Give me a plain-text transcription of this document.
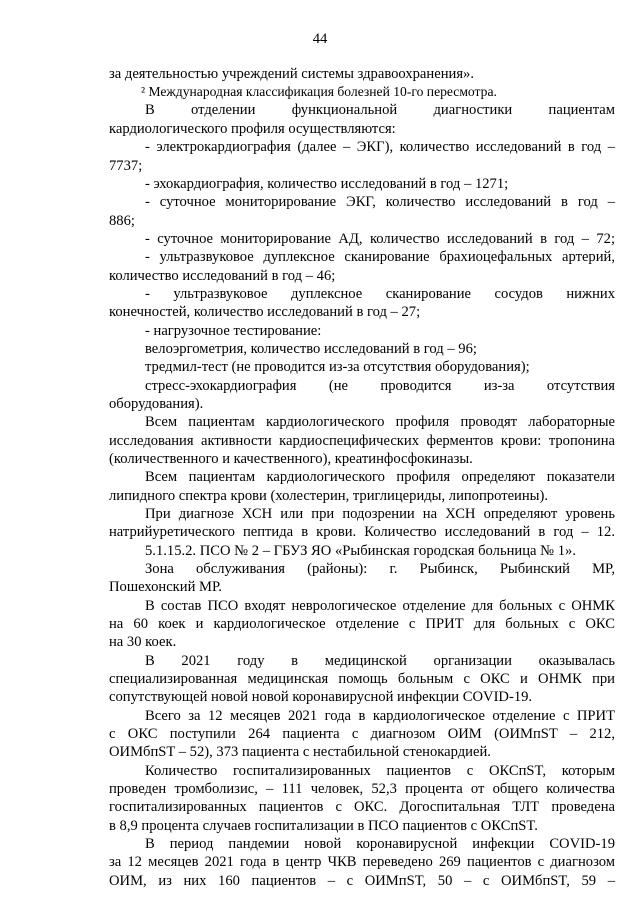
44
за деятельностью учреждений системы здравоохранения».
² Международная классификация болезней 10-го пересмотра.
В отделении функциональной диагностики пациентам
кардиологического профиля осуществляются:
- электрокардиография (далее – ЭКГ), количество исследований в год –
7737;
- эхокардиография, количество исследований в год – 1271;
- суточное мониторирование ЭКГ, количество исследований в год –
886;
- суточное мониторирование АД, количество исследований в год – 72;
- ультразвуковое дуплексное сканирование брахиоцефальных артерий,
количество исследований в год – 46;
- ультразвуковое дуплексное сканирование сосудов нижних
конечностей, количество исследований в год – 27;
- нагрузочное тестирование:
велоэргометрия, количество исследований в год – 96;
тредмил-тест (не проводится из-за отсутствия оборудования);
стресс-эхокардиография (не проводится из-за отсутствия
оборудования).
Всем пациентам кардиологического профиля проводят лабораторные
исследования активности кардиоспецифических ферментов крови: тропонина
(количественного и качественного), креатинфосфокиназы.
Всем пациентам кардиологического профиля определяют показатели
липидного спектра крови (холестерин, триглицериды, липопротеины).
При диагнозе ХСН или при подозрении на ХСН определяют уровень
натрийуретического пептида в крови. Количество исследований в год – 12.
5.1.15.2. ПСО № 2 – ГБУЗ ЯО «Рыбинская городская больница № 1».
Зона обслуживания (районы): г. Рыбинск, Рыбинский МР,
Пошехонский МР.
В состав ПСО входят неврологическое отделение для больных с ОНМК
на 60 коек и кардиологическое отделение с ПРИТ для больных с ОКС
на 30 коек.
В 2021 году в медицинской организации оказывалась
специализированная медицинская помощь больным с ОКС и ОНМК при
сопутствующей новой новой коронавирусной инфекции COVID-19.
Всего за 12 месяцев 2021 года в кардиологическое отделение с ПРИТ
с ОКС поступили 264 пациента с диагнозом ОИМ (ОИМпST – 212,
ОИМбпST – 52), 373 пациента с нестабильной стенокардией.
Количество госпитализированных пациентов с ОКСпST, которым
проведен тромболизис, – 111 человек, 52,3 процента от общего количества
госпитализированных пациентов с ОКС. Догоспитальная ТЛТ проведена
в 8,9 процента случаев госпитализации в ПСО пациентов с ОКСпST.
В период пандемии новой коронавирусной инфекции COVID-19
за 12 месяцев 2021 года в центр ЧКВ переведено 269 пациентов с диагнозом
ОИМ, из них 160 пациентов – с ОИМпST, 50 – с ОИМбпST, 59 –
